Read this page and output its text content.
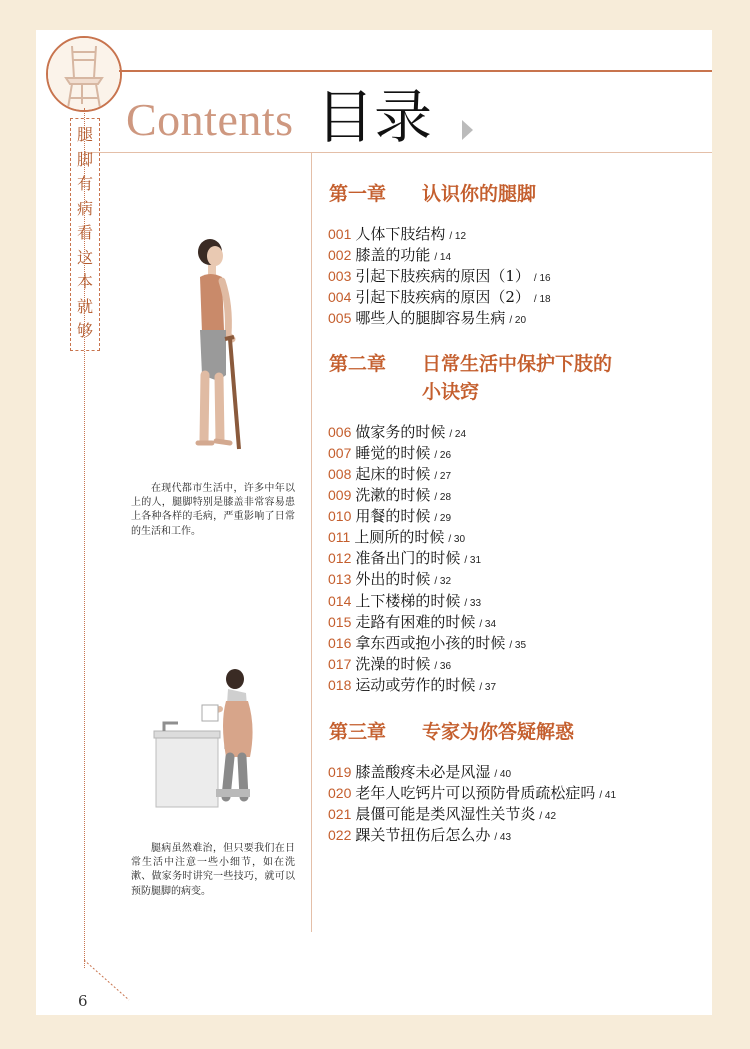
Contents 目录
腿
脚
有
病
看
这
本
就
够
在现代都市生活中，许多中年以上的人，腿脚特别是膝盖非常容易患上各种各样的毛病，严重影响了日常的生活和工作。
腿病虽然难治，但只要我们在日常生活中注意一些小细节，如在洗漱、做家务时讲究一些技巧，就可以预防腿脚的病变。
6
第一章 认识你的腿脚
001 人体下肢结构 / 12
002 膝盖的功能 / 14
003 引起下肢疾病的原因（1） / 16
004 引起下肢疾病的原因（2） / 18
005 哪些人的腿脚容易生病 / 20
第二章 日常生活中保护下肢的
小诀窍
006 做家务的时候 / 24
007 睡觉的时候 / 26
008 起床的时候 / 27
009 洗漱的时候 / 28
010 用餐的时候 / 29
011 上厕所的时候 / 30
012 准备出门的时候 / 31
013 外出的时候 / 32
014 上下楼梯的时候 / 33
015 走路有困难的时候 / 34
016 拿东西或抱小孩的时候 / 35
017 洗澡的时候 / 36
018 运动或劳作的时候 / 37
第三章 专家为你答疑解惑
019 膝盖酸疼未必是风湿 / 40
020 老年人吃钙片可以预防骨质疏松症吗 / 41
021 晨僵可能是类风湿性关节炎 / 42
022 踝关节扭伤后怎么办 / 43
